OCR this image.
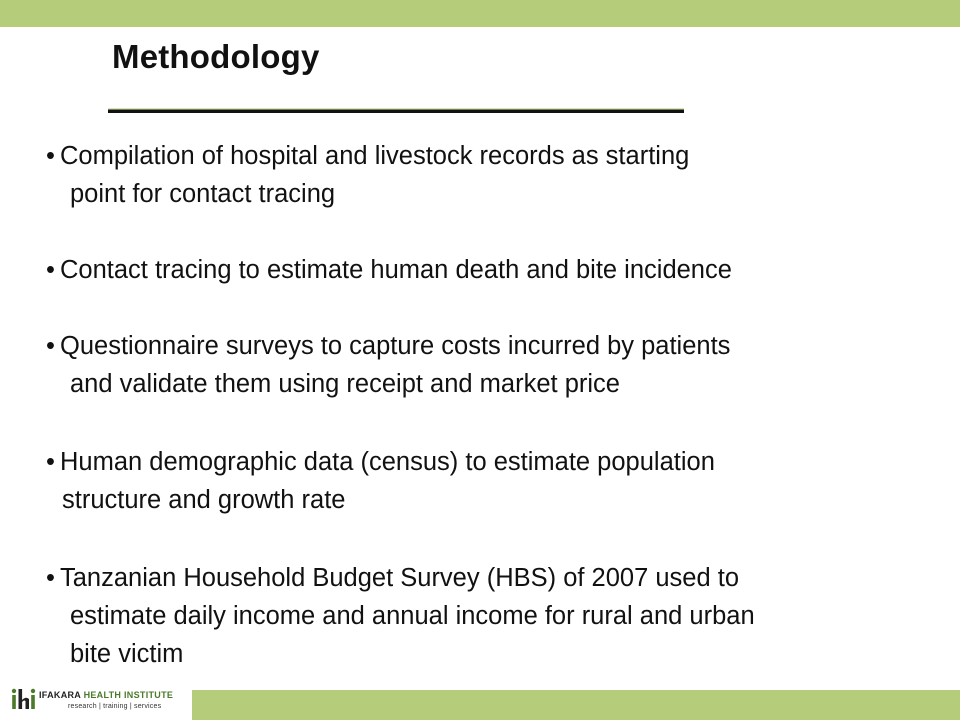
Methodology
• Compilation of hospital and livestock records as starting
point for contact tracing
• Contact tracing to estimate human death and bite incidence
• Questionnaire surveys to capture costs incurred by patients
and validate them using receipt and market price
• Human demographic data (census) to estimate population
structure and growth rate
• Tanzanian Household Budget Survey (HBS) of 2007 used to
estimate daily income and annual income for rural and urban
bite victim
IFAKARA HEALTH INSTITUTE
research | training | services
